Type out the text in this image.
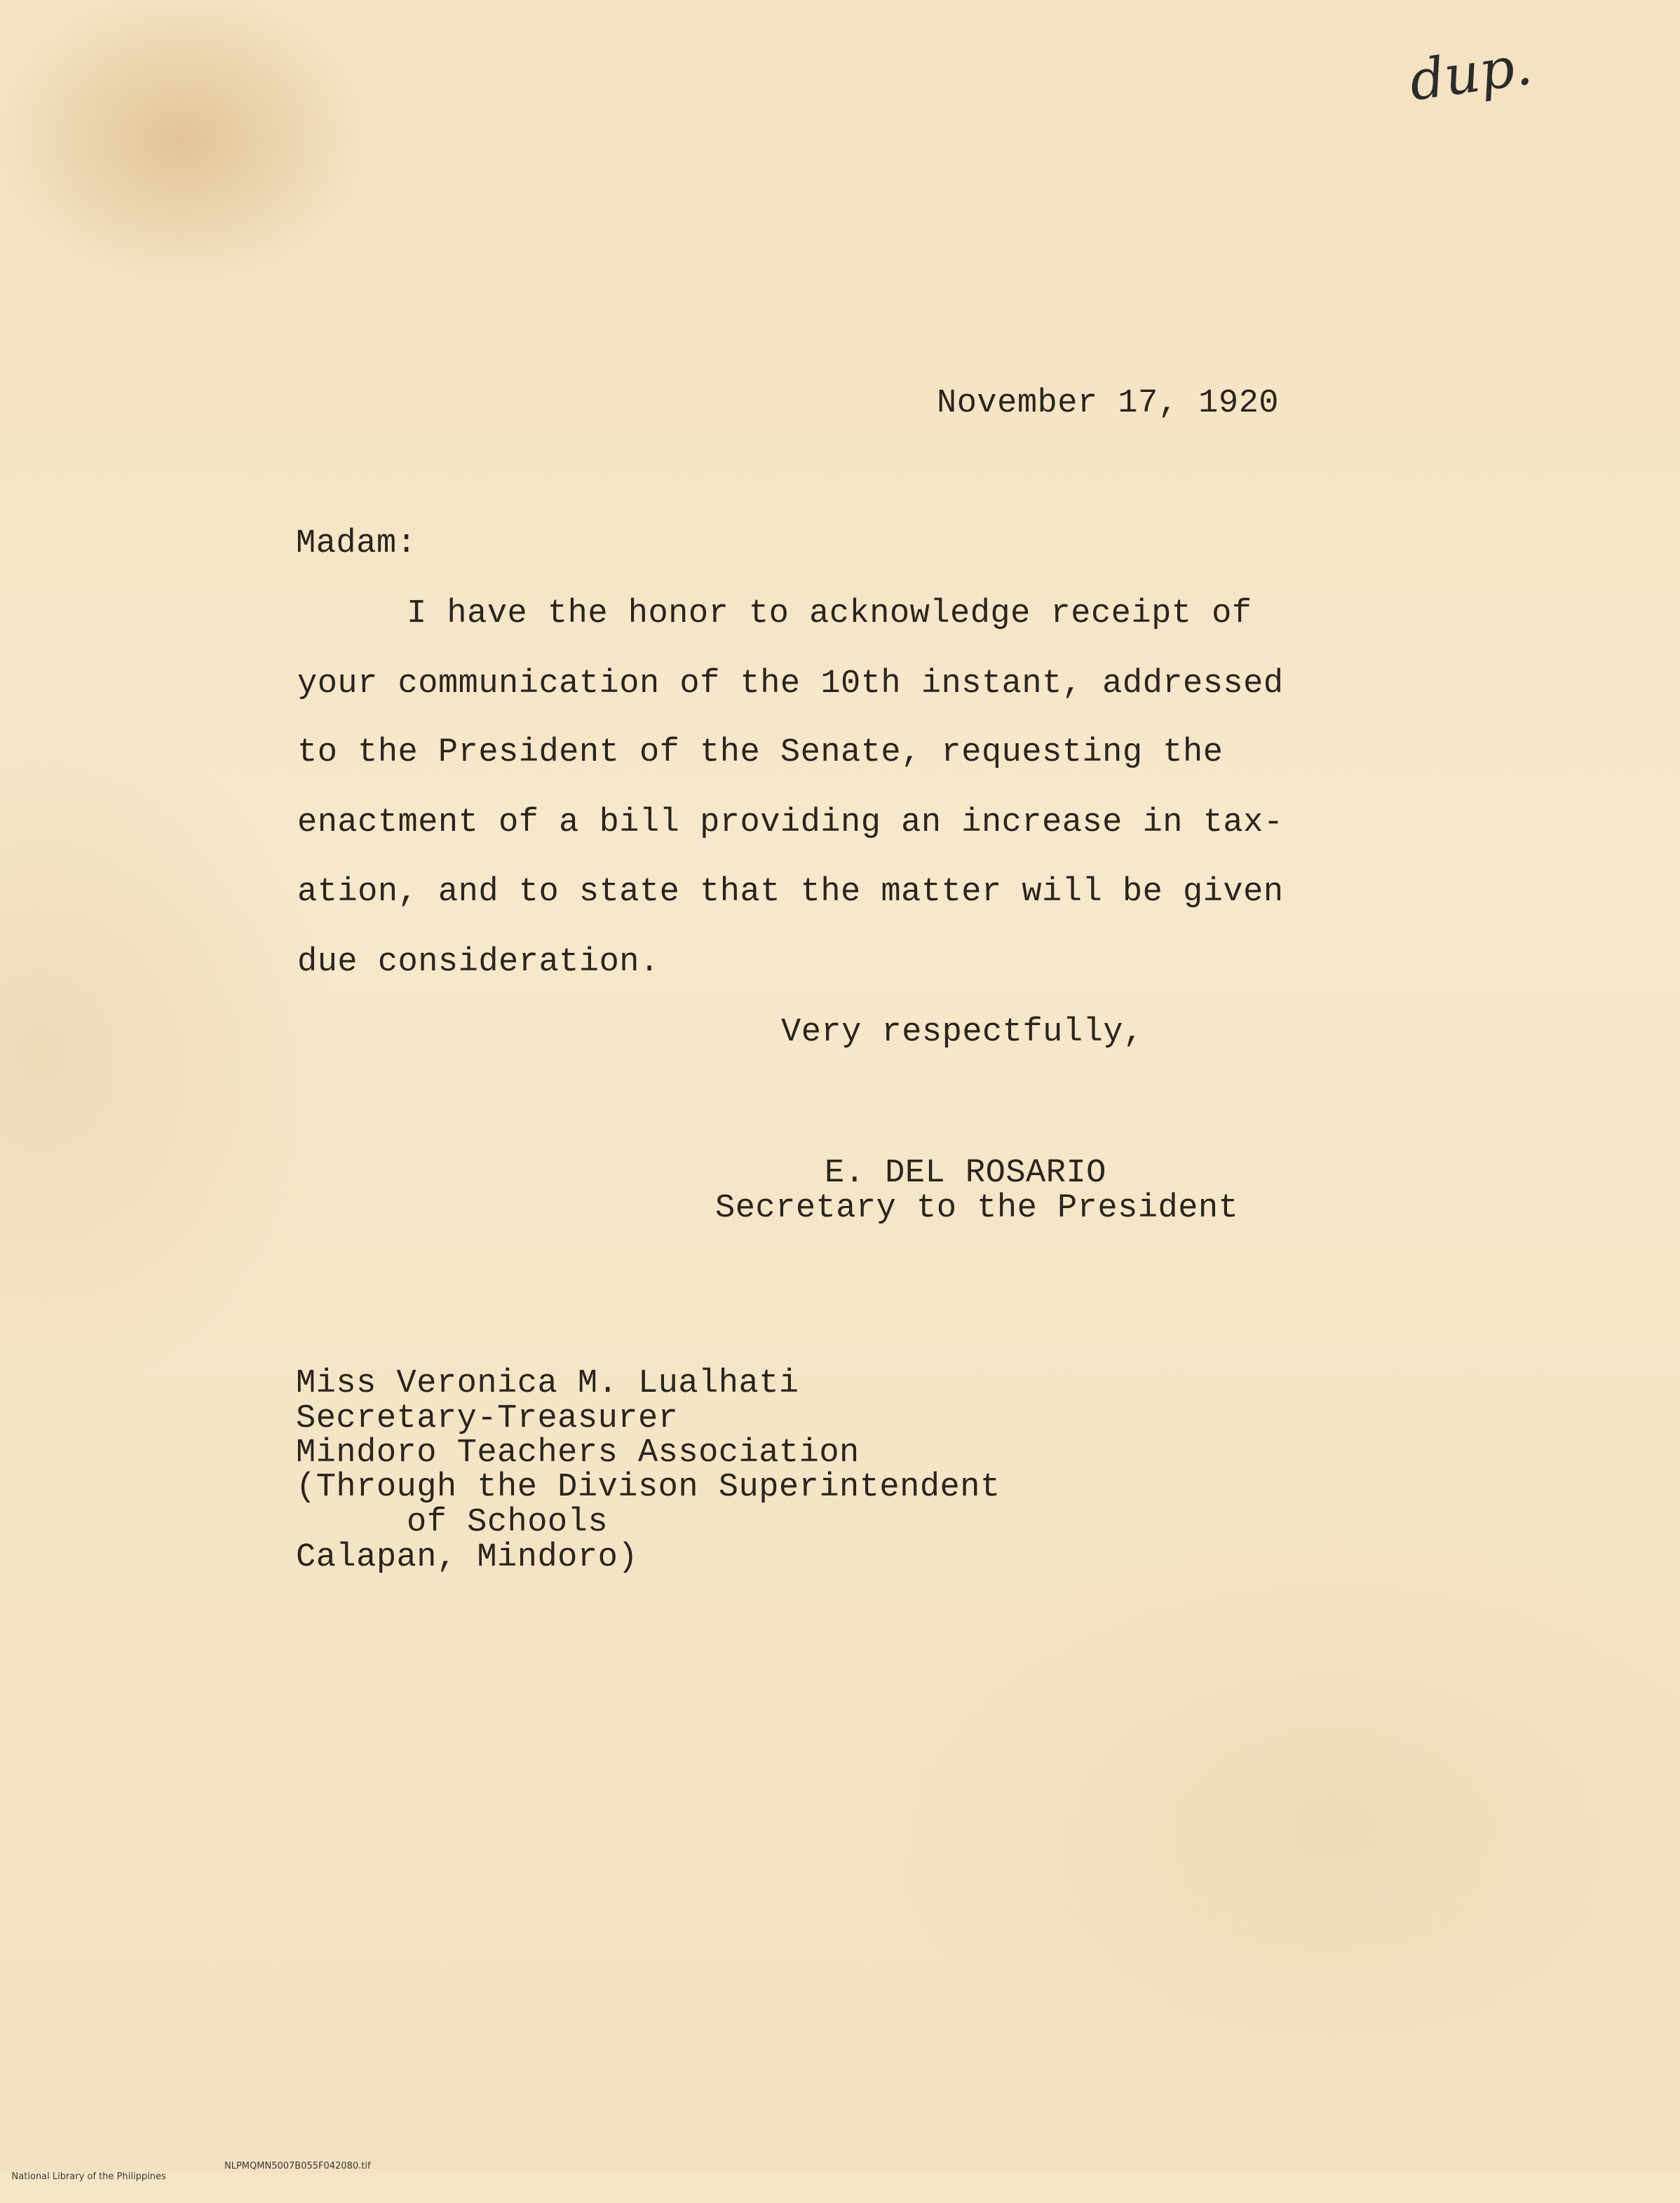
dup.
November 17, 1920
Madam:
I have the honor to acknowledge receipt of
your communication of the 10th instant, addressed
to the President of the Senate, requesting the
enactment of a bill providing an increase in tax-
ation, and to state that the matter will be given
due consideration.
Very respectfully,
E. DEL ROSARIO
Secretary to the President
Miss Veronica M. Lualhati
Secretary-Treasurer
Mindoro Teachers Association
(Through the Divison Superintendent
of Schools
Calapan, Mindoro)

National Library of the Philippines

NLPMQMN5007B055F042080.tif
